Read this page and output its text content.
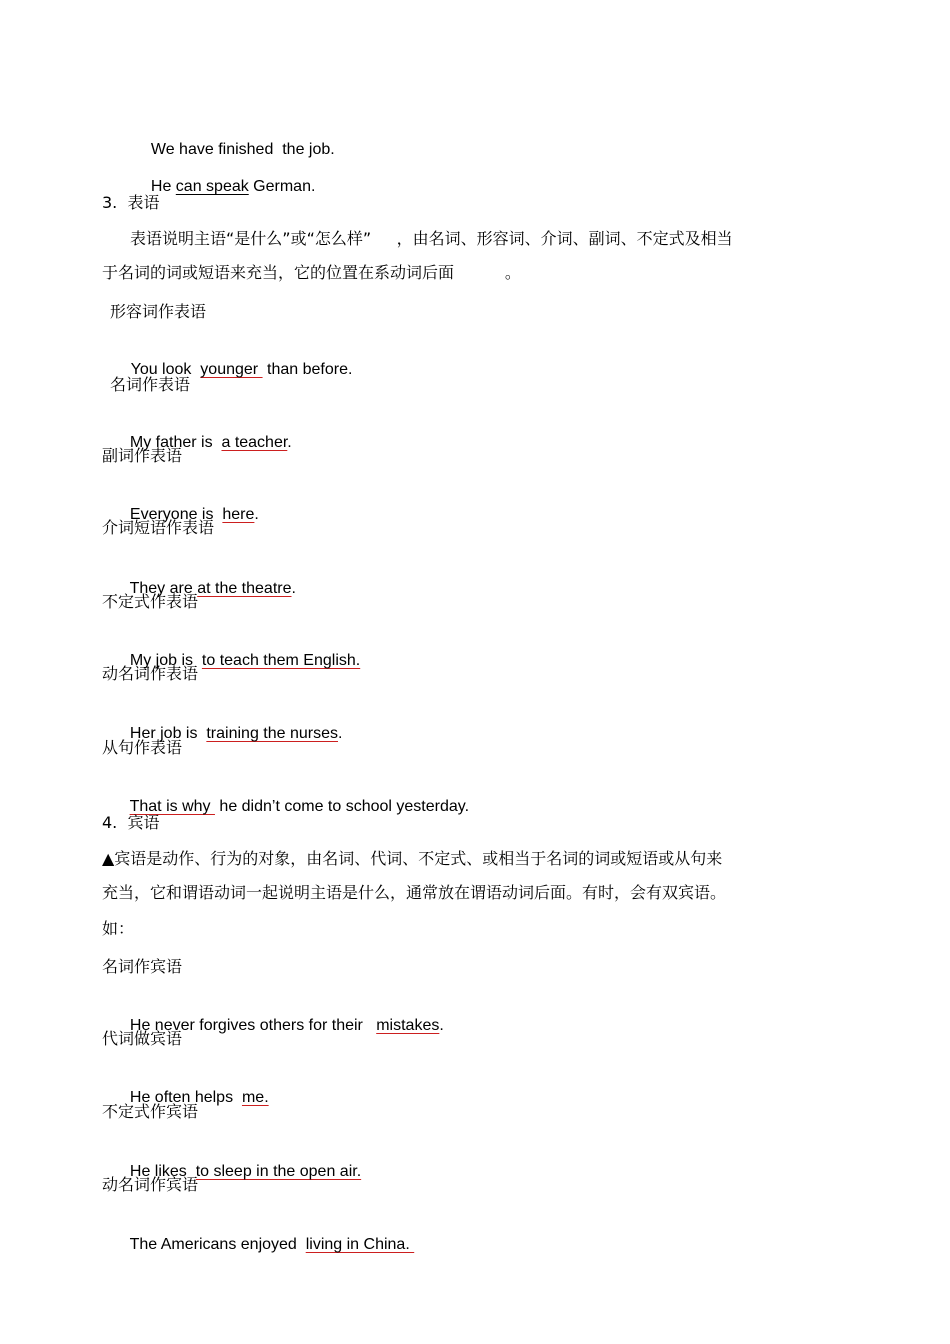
We have finished  the job.

He can speak German.

3.  表语
表语说明主语“是什么”或“怎么样”     ，由名词、形容词、介词、副词、不定式及相当
于名词的词或短语来充当，它的位置在系动词后面          。
形容词作表语

You look  younger  than before.

名词作表语

My father is  a teacher.

副词作表语

Everyone is  here.

介词短语作表语

They are at the theatre.

不定式作表语

My job is  to teach them English.

动名词作表语

Her job is  training the nurses.

从句作表语

That is why  he didn’t come to school yesterday.

4.  宾语
▲宾语是动作、行为的对象，由名词、代词、不定式、或相当于名词的词或短语或从句来
充当，它和谓语动词一起说明主语是什么，通常放在谓语动词后面。有时，会有双宾语。
如：
名词作宾语

He never forgives others for their   mistakes.

代词做宾语

He often helps  me.

不定式作宾语

He likes  to sleep in the open air.

动名词作宾语

The Americans enjoyed  living in China.
